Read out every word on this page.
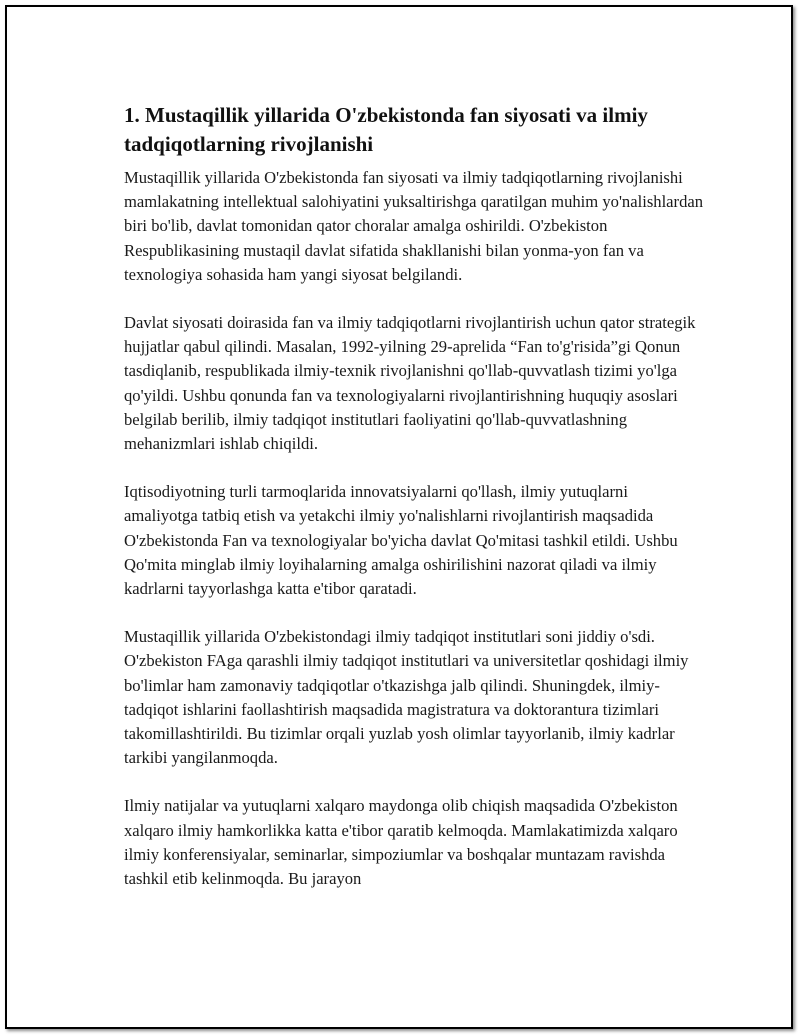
1. Mustaqillik yillarida O'zbekistonda fan siyosati va ilmiy tadqiqotlarning rivojlanishi

Mustaqillik yillarida O'zbekistonda fan siyosati va ilmiy tadqiqotlarning rivojlanishi mamlakatning intellektual salohiyatini yuksaltirishga qaratilgan muhim yo'nalishlardan biri bo'lib, davlat tomonidan qator choralar amalga oshirildi. O'zbekiston Respublikasining mustaqil davlat sifatida shakllanishi bilan yonma-yon fan va texnologiya sohasida ham yangi siyosat belgilandi.

Davlat siyosati doirasida fan va ilmiy tadqiqotlarni rivojlantirish uchun qator strategik hujjatlar qabul qilindi. Masalan, 1992-yilning 29-aprelida “Fan to'g'risida”gi Qonun tasdiqlanib, respublikada ilmiy-texnik rivojlanishni qo'llab-quvvatlash tizimi yo'lga qo'yildi. Ushbu qonunda fan va texnologiyalarni rivojlantirishning huquqiy asoslari belgilab berilib, ilmiy tadqiqot institutlari faoliyatini qo'llab-quvvatlashning mehanizmlari ishlab chiqildi.

Iqtisodiyotning turli tarmoqlarida innovatsiyalarni qo'llash, ilmiy yutuqlarni amaliyotga tatbiq etish va yetakchi ilmiy yo'nalishlarni rivojlantirish maqsadida O'zbekistonda Fan va texnologiyalar bo'yicha davlat Qo'mitasi tashkil etildi. Ushbu Qo'mita minglab ilmiy loyihalarning amalga oshirilishini nazorat qiladi va ilmiy kadrlarni tayyorlashga katta e'tibor qaratadi.

Mustaqillik yillarida O'zbekistondagi ilmiy tadqiqot institutlari soni jiddiy o'sdi. O'zbekiston FAga qarashli ilmiy tadqiqot institutlari va universitetlar qoshidagi ilmiy bo'limlar ham zamonaviy tadqiqotlar o'tkazishga jalb qilindi. Shuningdek, ilmiy-tadqiqot ishlarini faollashtirish maqsadida magistratura va doktorantura tizimlari takomillashtirildi. Bu tizimlar orqali yuzlab yosh olimlar tayyorlanib, ilmiy kadrlar tarkibi yangilanmoqda.

Ilmiy natijalar va yutuqlarni xalqaro maydonga olib chiqish maqsadida O'zbekiston xalqaro ilmiy hamkorlikka katta e'tibor qaratib kelmoqda. Mamlakatimizda xalqaro ilmiy konferensiyalar, seminarlar, simpoziumlar va boshqalar muntazam ravishda tashkil etib kelinmoqda. Bu jarayon
